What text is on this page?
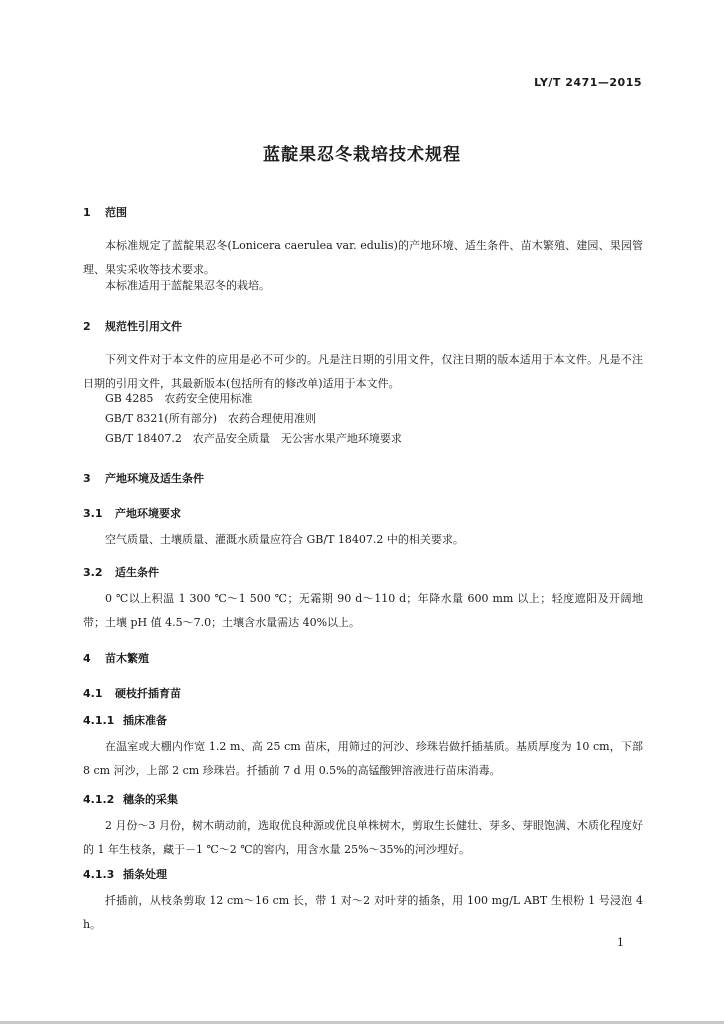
LY/T 2471—2015
蓝靛果忍冬栽培技术规程
1 范围

本标准规定了蓝靛果忍冬(Lonicera caerulea var. edulis)的产地环境、适生条件、苗木繁殖、建园、果园管理、果实采收等技术要求。

本标准适用于蓝靛果忍冬的栽培。

2 规范性引用文件

下列文件对于本文件的应用是必不可少的。凡是注日期的引用文件，仅注日期的版本适用于本文件。凡是不注日期的引用文件，其最新版本(包括所有的修改单)适用于本文件。

GB 4285　农药安全使用标准
GB/T 8321(所有部分)　农药合理使用准则
GB/T 18407.2　农产品安全质量　无公害水果产地环境要求
3 产地环境及适生条件
3.1 产地环境要求

空气质量、土壤质量、灌溉水质量应符合 GB/T 18407.2 中的相关要求。

3.2 适生条件

0 ℃以上积温 1 300 ℃～1 500 ℃；无霜期 90 d～110 d；年降水量 600 mm 以上；轻度遮阳及开阔地带；土壤 pH 值 4.5～7.0；土壤含水量需达 40%以上。

4 苗木繁殖
4.1 硬枝扦插育苗
4.1.1 插床准备

在温室或大棚内作宽 1.2 m、高 25 cm 苗床，用筛过的河沙、珍珠岩做扦插基质。基质厚度为 10 cm，下部 8 cm 河沙，上部 2 cm 珍珠岩。扦插前 7 d 用 0.5%的高锰酸钾溶液进行苗床消毒。

4.1.2 穗条的采集

2 月份～3 月份，树木萌动前，选取优良种源或优良单株树木，剪取生长健壮、芽多、芽眼饱满、木质化程度好的 1 年生枝条，藏于－1 ℃～2 ℃的窖内，用含水量 25%～35%的河沙埋好。

4.1.3 插条处理

扦插前，从枝条剪取 12 cm～16 cm 长，带 1 对～2 对叶芽的插条，用 100 mg/L ABT 生根粉 1 号浸泡 4 h。

1
